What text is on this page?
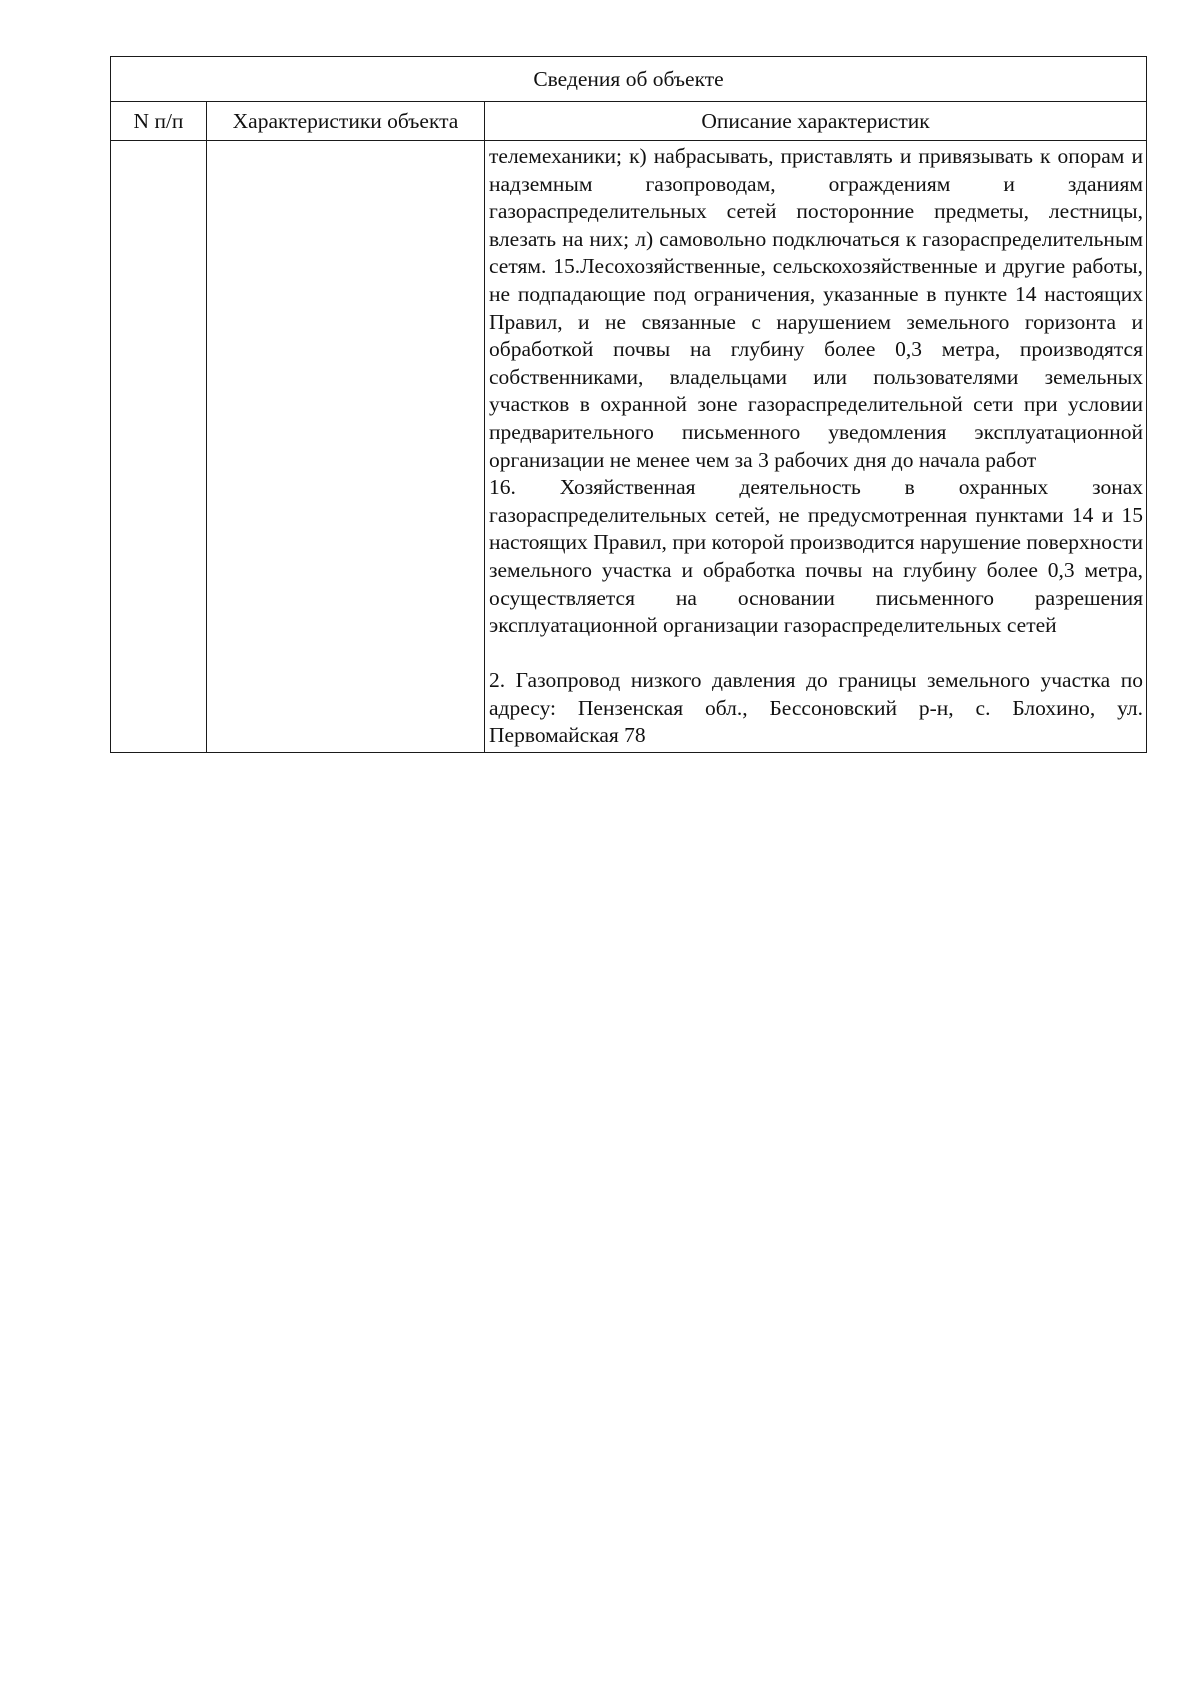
Сведения об объекте		
N п/п	Характеристики объекта	Описание характеристик

		телемеханики; к) набрасывать, приставлять и привязывать к опорам и надземным газопроводам, ограждениям и зданиям газораспределительных сетей посторонние предметы, лестницы, влезать на них; л) самовольно подключаться к газораспределительным сетям. 15.Лесохозяйственные, сельскохозяйственные и другие работы, не подпадающие под ограничения, указанные в пункте 14 настоящих Правил, и не связанные с нарушением земельного горизонта и обработкой почвы на глубину более 0,3 метра, производятся собственниками, владельцами или пользователями земельных участков в охранной зоне газораспределительной сети при условии предварительного письменного уведомления эксплуатационной организации не менее чем за 3 рабочих дня до начала работ

16. Хозяйственная деятельность в охранных зонах газораспределительных сетей, не предусмотренная пунктами 14 и 15 настоящих Правил, при которой производится нарушение поверхности земельного участка и обработка почвы на глубину более 0,3 метра, осуществляется на основании письменного разрешения эксплуатационной организации газораспределительных сетей

2. Газопровод низкого давления до границы земельного участка по адресу: Пензенская обл., Бессоновский р-н, с. Блохино, ул. Первомайская 78
